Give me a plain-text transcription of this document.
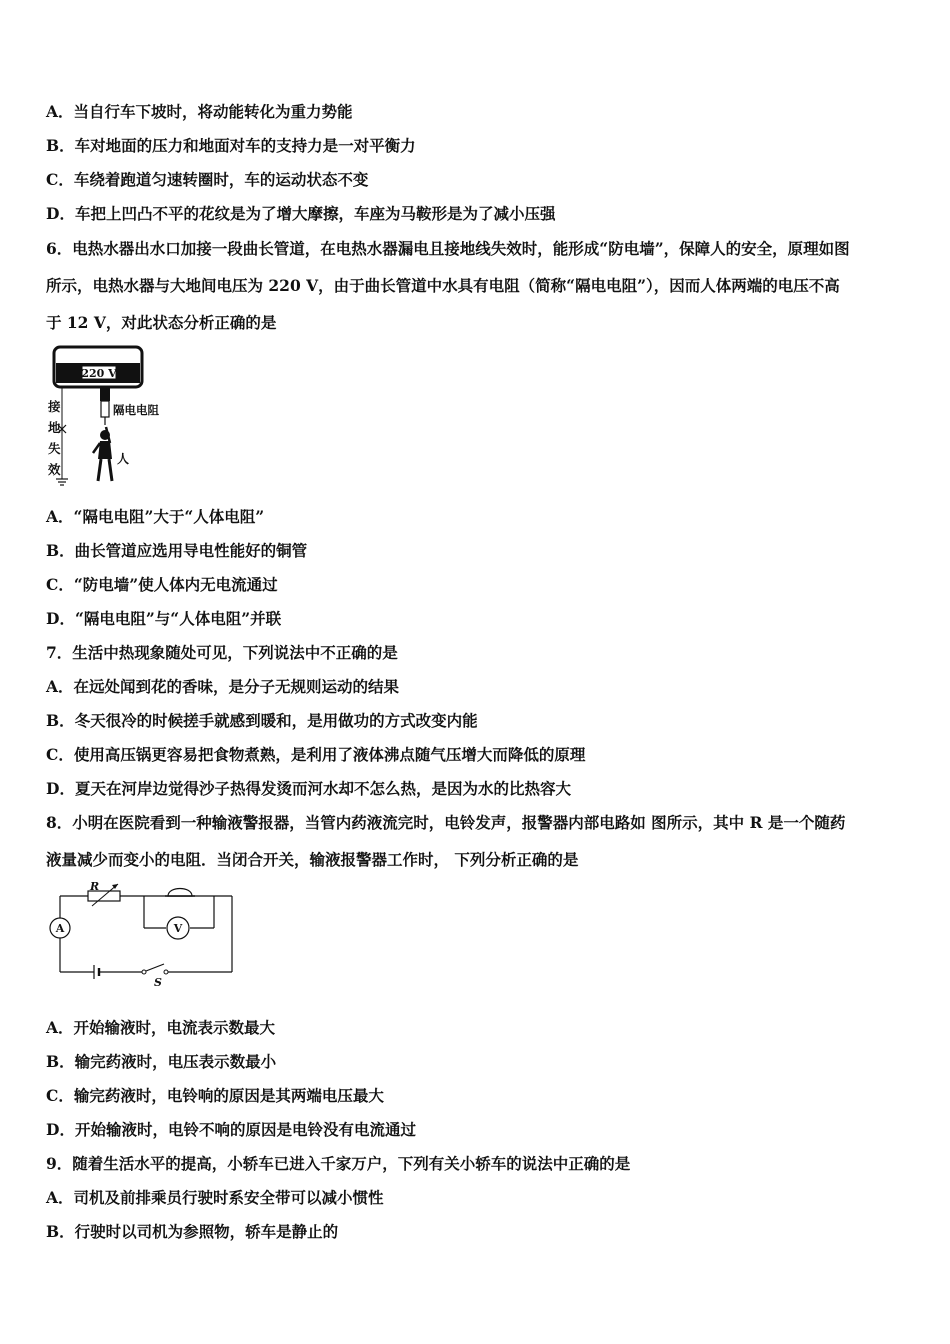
A．当自行车下坡时，将动能转化为重力势能
B．车对地面的压力和地面对车的支持力是一对平衡力
C．车绕着跑道匀速转圈时，车的运动状态不变
D．车把上凹凸不平的花纹是为了增大摩擦，车座为马鞍形是为了减小压强
6．电热水器出水口加接一段曲长管道，在电热水器漏电且接地线失效时，能形成“防电墙”，保障人的安全，原理如图
所示，电热水器与大地间电压为 220 V，由于曲长管道中水具有电阻（简称“隔电电阻”），因而人体两端的电压不高
于 12 V，对此状态分析正确的是
220 V
隔电电阻
人
接
地
失
效
A．“隔电电阻”大于“人体电阻”
B．曲长管道应选用导电性能好的铜管
C．“防电墙”使人体内无电流通过
D．“隔电电阻”与“人体电阻”并联
7．生活中热现象随处可见，下列说法中不正确的是
A．在远处闻到花的香味，是分子无规则运动的结果
B．冬天很冷的时候搓手就感到暖和，是用做功的方式改变内能
C．使用高压锅更容易把食物煮熟，是利用了液体沸点随气压增大而降低的原理
D．夏天在河岸边觉得沙子热得发烫而河水却不怎么热，是因为水的比热容大
8．小明在医院看到一种输液警报器，当管内药液流完时，电铃发声，报警器内部电路如 图所示，其中 R 是一个随药
液量减少而变小的电阻．当闭合开关，输液报警器工作时， 下列分析正确的是
R
V
A
S
A．开始输液时，电流表示数最大
B．输完药液时，电压表示数最小
C．输完药液时，电铃响的原因是其两端电压最大
D．开始输液时，电铃不响的原因是电铃没有电流通过
9．随着生活水平的提高，小轿车已进入千家万户，下列有关小轿车的说法中正确的是
A．司机及前排乘员行驶时系安全带可以减小惯性
B．行驶时以司机为参照物，轿车是静止的
